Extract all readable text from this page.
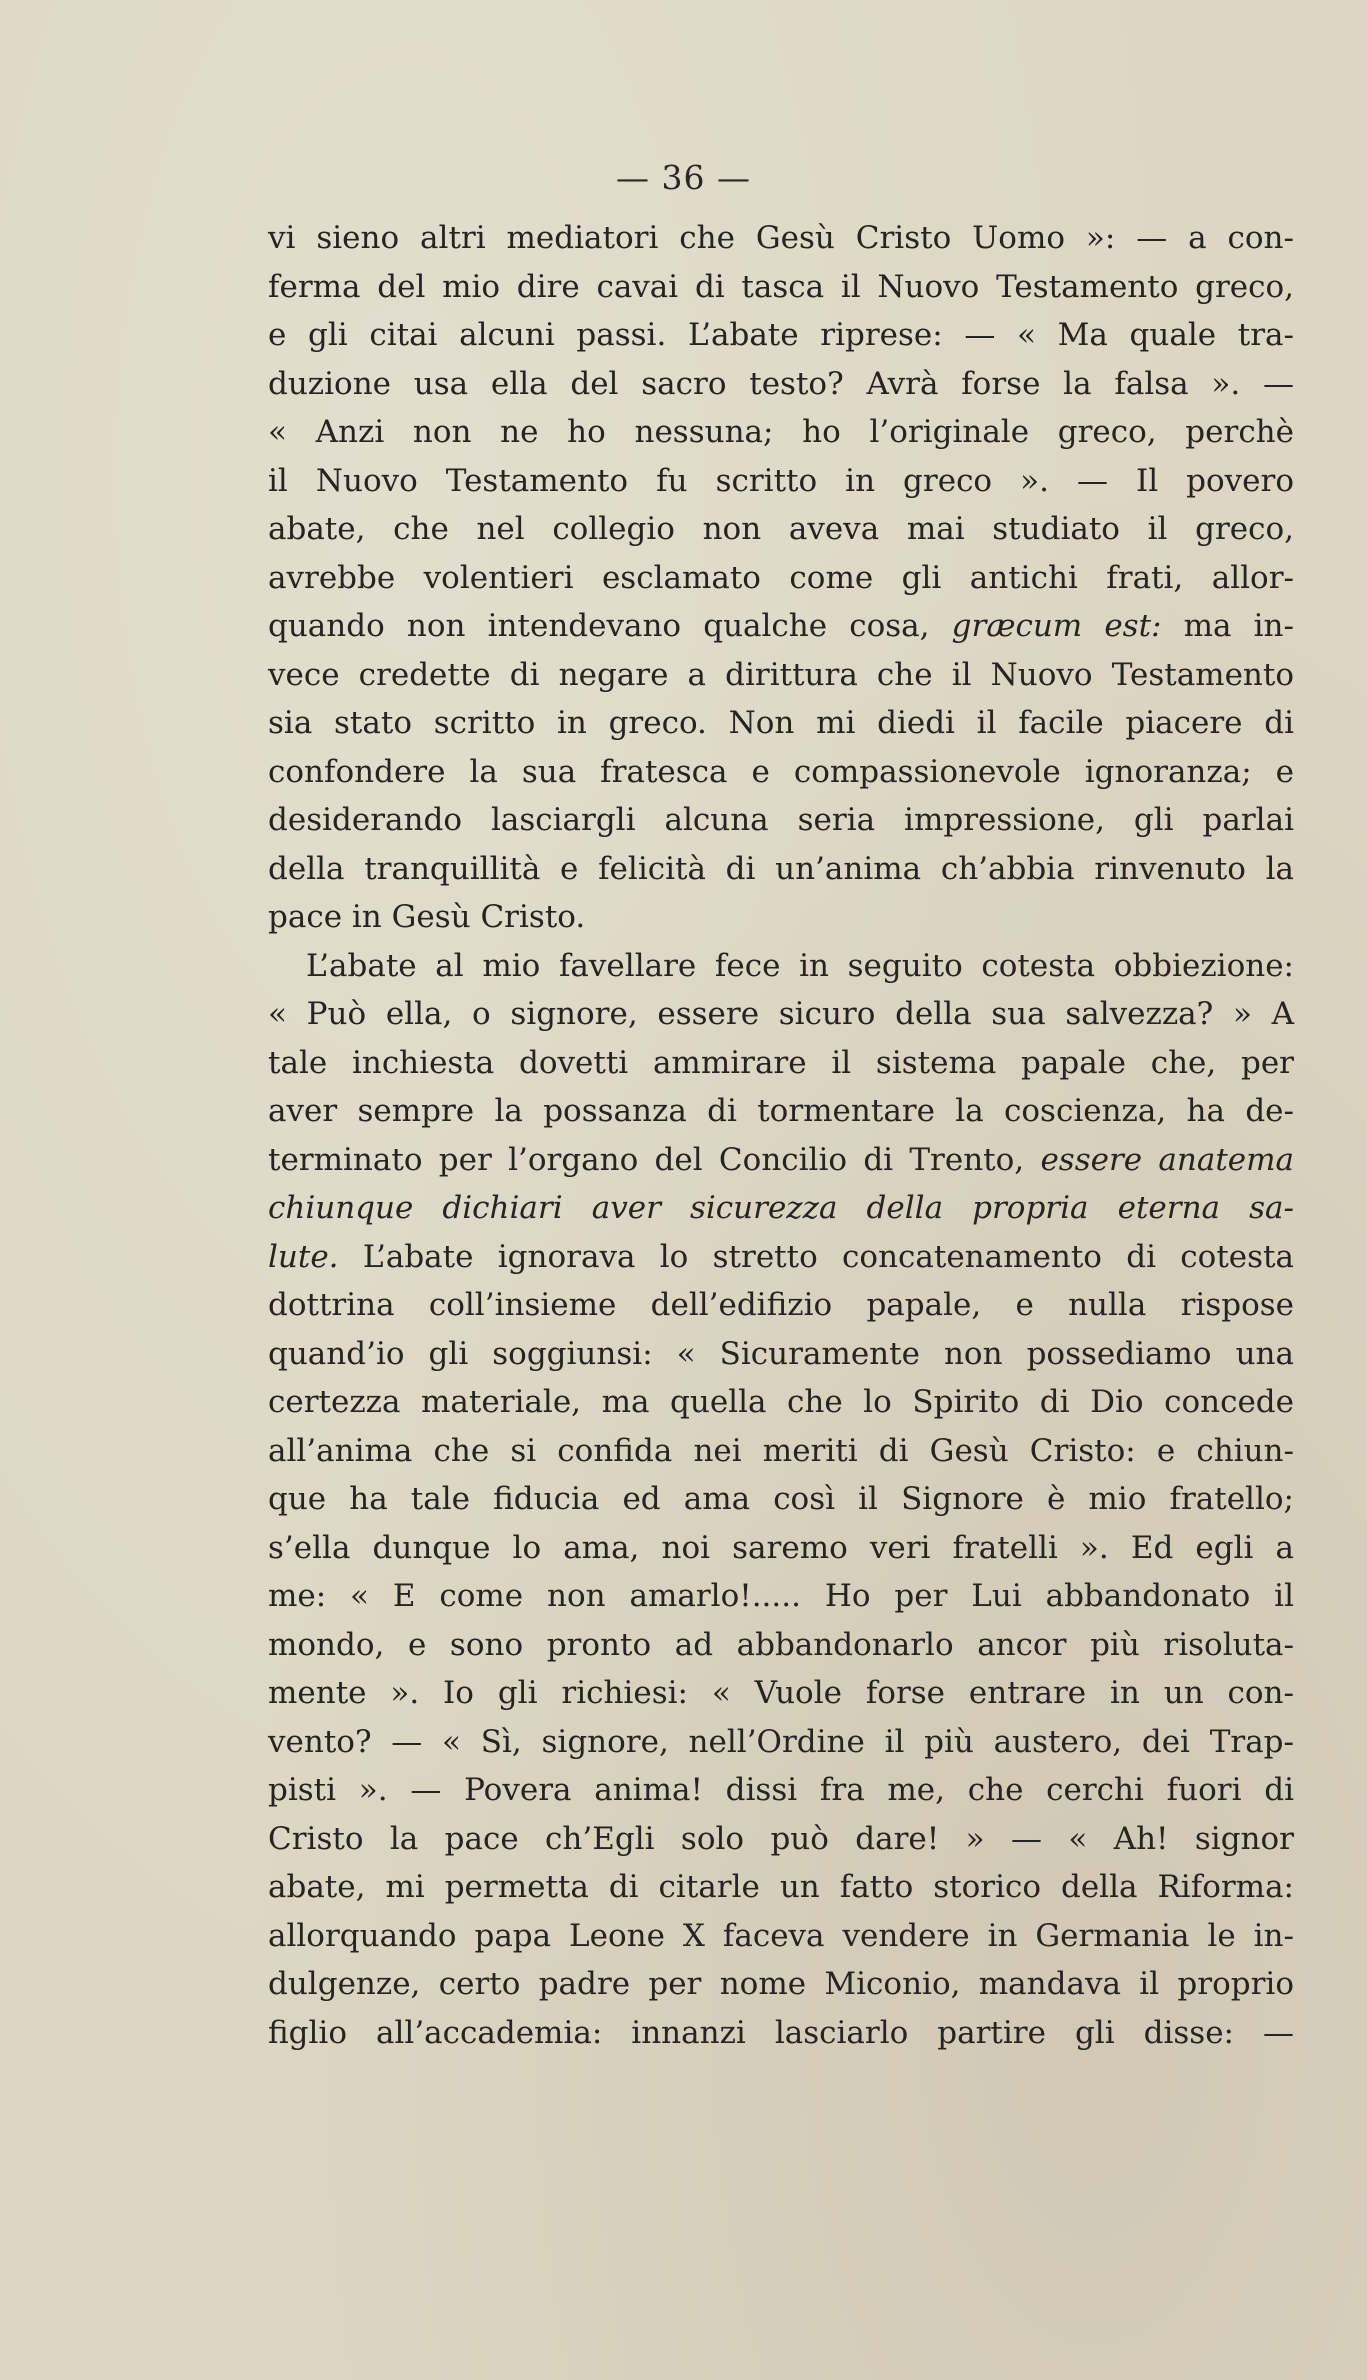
— 36 —
vi sieno altri mediatori che Gesù Cristo Uomo »: — a con-
ferma del mio dire cavai di tasca il Nuovo Testamento greco,
e gli citai alcuni passi. L’abate riprese: — « Ma quale tra-
duzione usa ella del sacro testo? Avrà forse la falsa ». —
« Anzi non ne ho nessuna; ho l’originale greco, perchè
il Nuovo Testamento fu scritto in greco ». — Il povero
abate, che nel collegio non aveva mai studiato il greco,
avrebbe volentieri esclamato come gli antichi frati, allor-
quando non intendevano qualche cosa, græcum est: ma in-
vece credette di negare a dirittura che il Nuovo Testamento
sia stato scritto in greco. Non mi diedi il facile piacere di
confondere la sua fratesca e compassionevole ignoranza; e
desiderando lasciargli alcuna seria impressione, gli parlai
della tranquillità e felicità di un’anima ch’abbia rinvenuto la
pace in Gesù Cristo.
L’abate al mio favellare fece in seguito cotesta obbiezione:
« Può ella, o signore, essere sicuro della sua salvezza? » A
tale inchiesta dovetti ammirare il sistema papale che, per
aver sempre la possanza di tormentare la coscienza, ha de-
terminato per l’organo del Concilio di Trento, essere anatema
chiunque dichiari aver sicurezza della propria eterna sa-
lute. L’abate ignorava lo stretto concatenamento di cotesta
dottrina coll’insieme dell’edifizio papale, e nulla rispose
quand’io gli soggiunsi: « Sicuramente non possediamo una
certezza materiale, ma quella che lo Spirito di Dio concede
all’anima che si confida nei meriti di Gesù Cristo: e chiun-
que ha tale fiducia ed ama così il Signore è mio fratello;
s’ella dunque lo ama, noi saremo veri fratelli ». Ed egli a
me: « E come non amarlo!..... Ho per Lui abbandonato il
mondo, e sono pronto ad abbandonarlo ancor più risoluta-
mente ». Io gli richiesi: « Vuole forse entrare in un con-
vento? — « Sì, signore, nell’Ordine il più austero, dei Trap-
pisti ». — Povera anima! dissi fra me, che cerchi fuori di
Cristo la pace ch’Egli solo può dare! » — « Ah! signor
abate, mi permetta di citarle un fatto storico della Riforma:
allorquando papa Leone X faceva vendere in Germania le in-
dulgenze, certo padre per nome Miconio, mandava il proprio
figlio all’accademia: innanzi lasciarlo partire gli disse: —
